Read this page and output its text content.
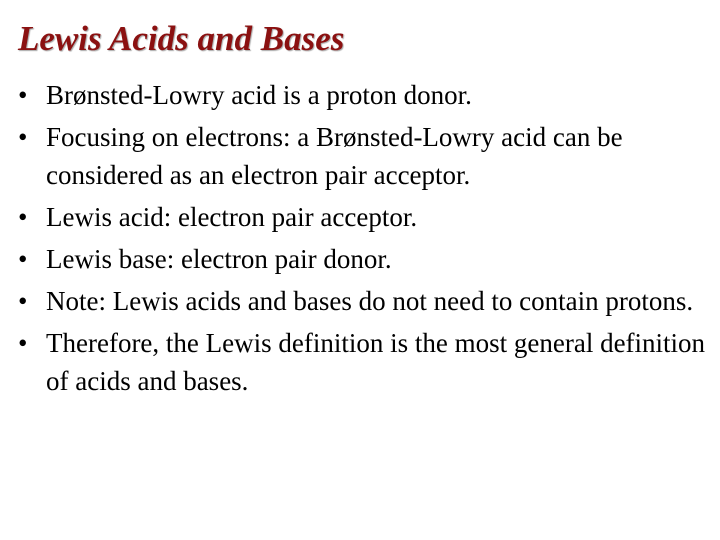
Lewis Acids and Bases
• Brønsted-Lowry acid is a proton donor.
• Focusing on electrons: a Brønsted-Lowry acid can be considered as an electron pair acceptor.
• Lewis acid: electron pair acceptor.
• Lewis base: electron pair donor.
• Note: Lewis acids and bases do not need to contain protons.
• Therefore, the Lewis definition is the most general definition of acids and bases.
